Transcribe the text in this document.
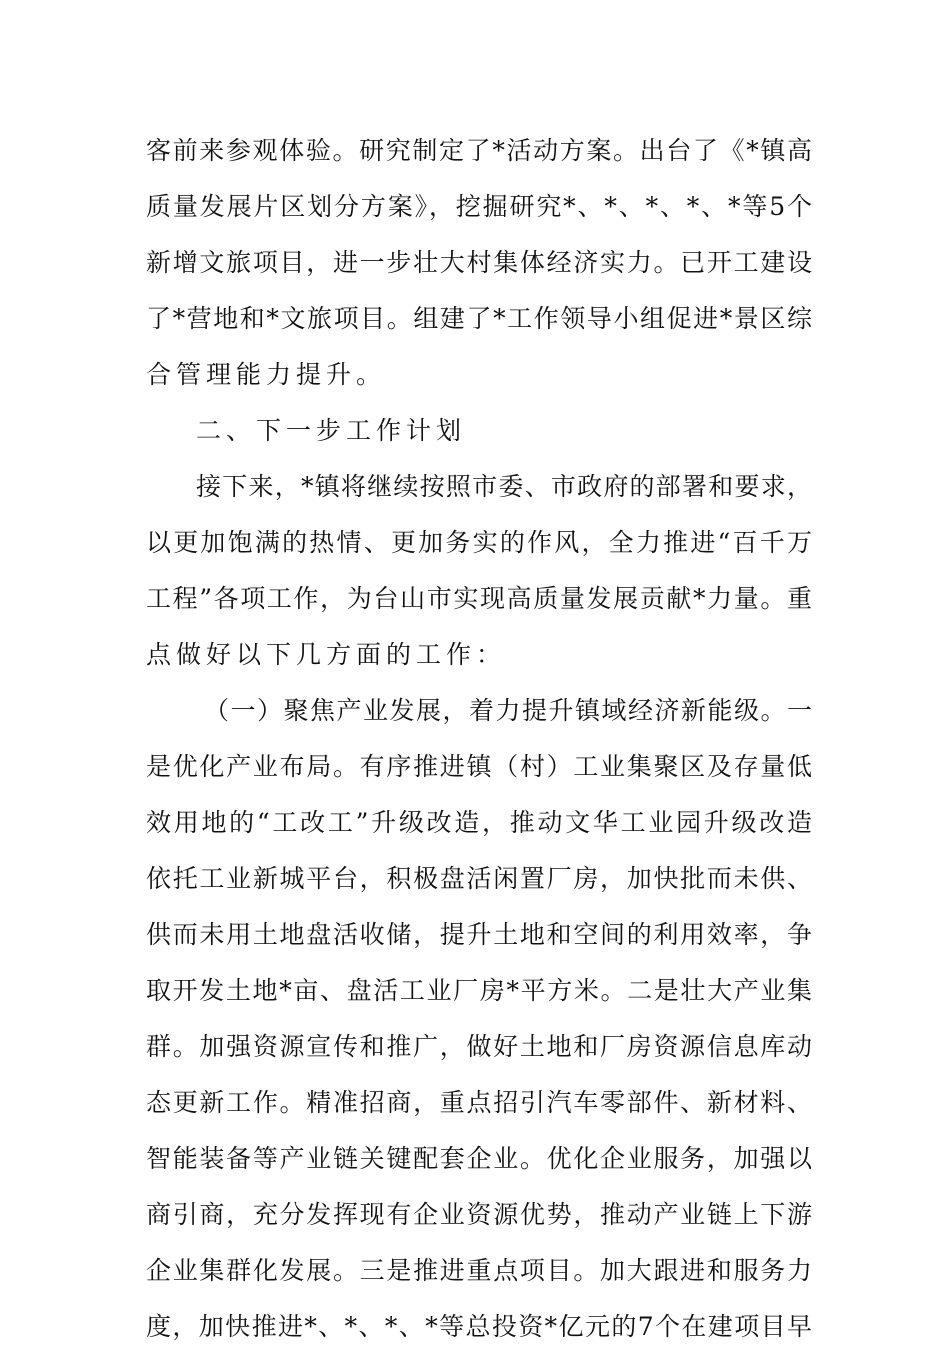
客前来参观体验。研究制定了*活动方案。出台了《*镇高
质量发展片区划分方案》，挖掘研究*、*、*、*、*等5个
新增文旅项目，进一步壮大村集体经济实力。已开工建设
了*营地和*文旅项目。组建了*工作领导小组促进*景区综
合管理能力提升。
二、下一步工作计划
接下来，*镇将继续按照市委、市政府的部署和要求，
以更加饱满的热情、更加务实的作风，全力推进“百千万
工程”各项工作，为台山市实现高质量发展贡献*力量。重
点做好以下几方面的工作：
（一）聚焦产业发展，着力提升镇域经济新能级。一
是优化产业布局。有序推进镇（村）工业集聚区及存量低
效用地的“工改工”升级改造，推动文华工业园升级改造
依托工业新城平台，积极盘活闲置厂房，加快批而未供、
供而未用土地盘活收储，提升土地和空间的利用效率，争
取开发土地*亩、盘活工业厂房*平方米。二是壮大产业集
群。加强资源宣传和推广，做好土地和厂房资源信息库动
态更新工作。精准招商，重点招引汽车零部件、新材料、
智能装备等产业链关键配套企业。优化企业服务，加强以
商引商，充分发挥现有企业资源优势，推动产业链上下游
企业集群化发展。三是推进重点项目。加大跟进和服务力
度，加快推进*、*、*、*等总投资*亿元的7个在建项目早
